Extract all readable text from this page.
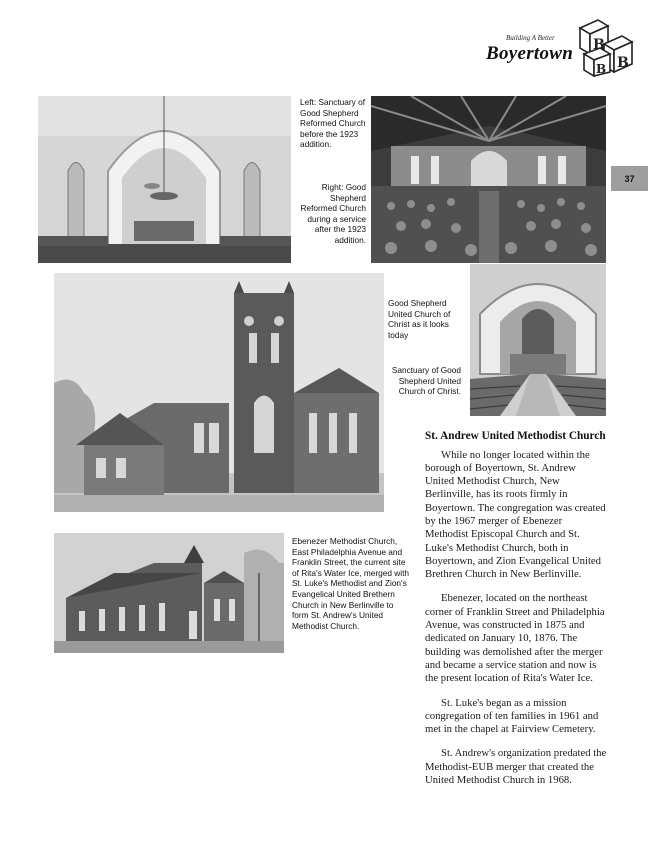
Building A Better
Boyertown B
B
B
37
Left: Sanctuary of Good Shepherd Reformed Church before the 1923 addition.
Right: Good Shepherd Reformed Church during a service after the 1923 addition.
Good Shepherd United Church of Christ as it looks today
Sanctuary of Good Shepherd United Church of Christ.
Ebenezer Methodist Church, East Philadelphia Avenue and Franklin Street, the current site of Rita's Water Ice, merged with St. Luke's Methodist and Zion's Evangelical United Brethern Church in New Berlinville to form St. Andrew's United Methodist Church.
St. Andrew United Methodist Church

While no longer located within the borough of Boyertown, St. Andrew United Methodist Church, New Berlinville, has its roots firmly in Boyertown. The congregation was created by the 1967 merger of Ebenezer Methodist Episcopal Church and St. Luke's Methodist Church, both in Boyertown, and Zion Evangelical United Brethren Church in New Berlinville.

Ebenezer, located on the northeast corner of Franklin Street and Philadelphia Avenue, was constructed in 1875 and dedicated on January 10, 1876. The building was demolished after the merger and became a service station and now is the present location of Rita's Water Ice.

St. Luke's began as a mission congregation of ten families in 1961 and met in the chapel at Fairview Cemetery.

St. Andrew's organization predated the Methodist-EUB merger that created the United Methodist Church in 1968.
